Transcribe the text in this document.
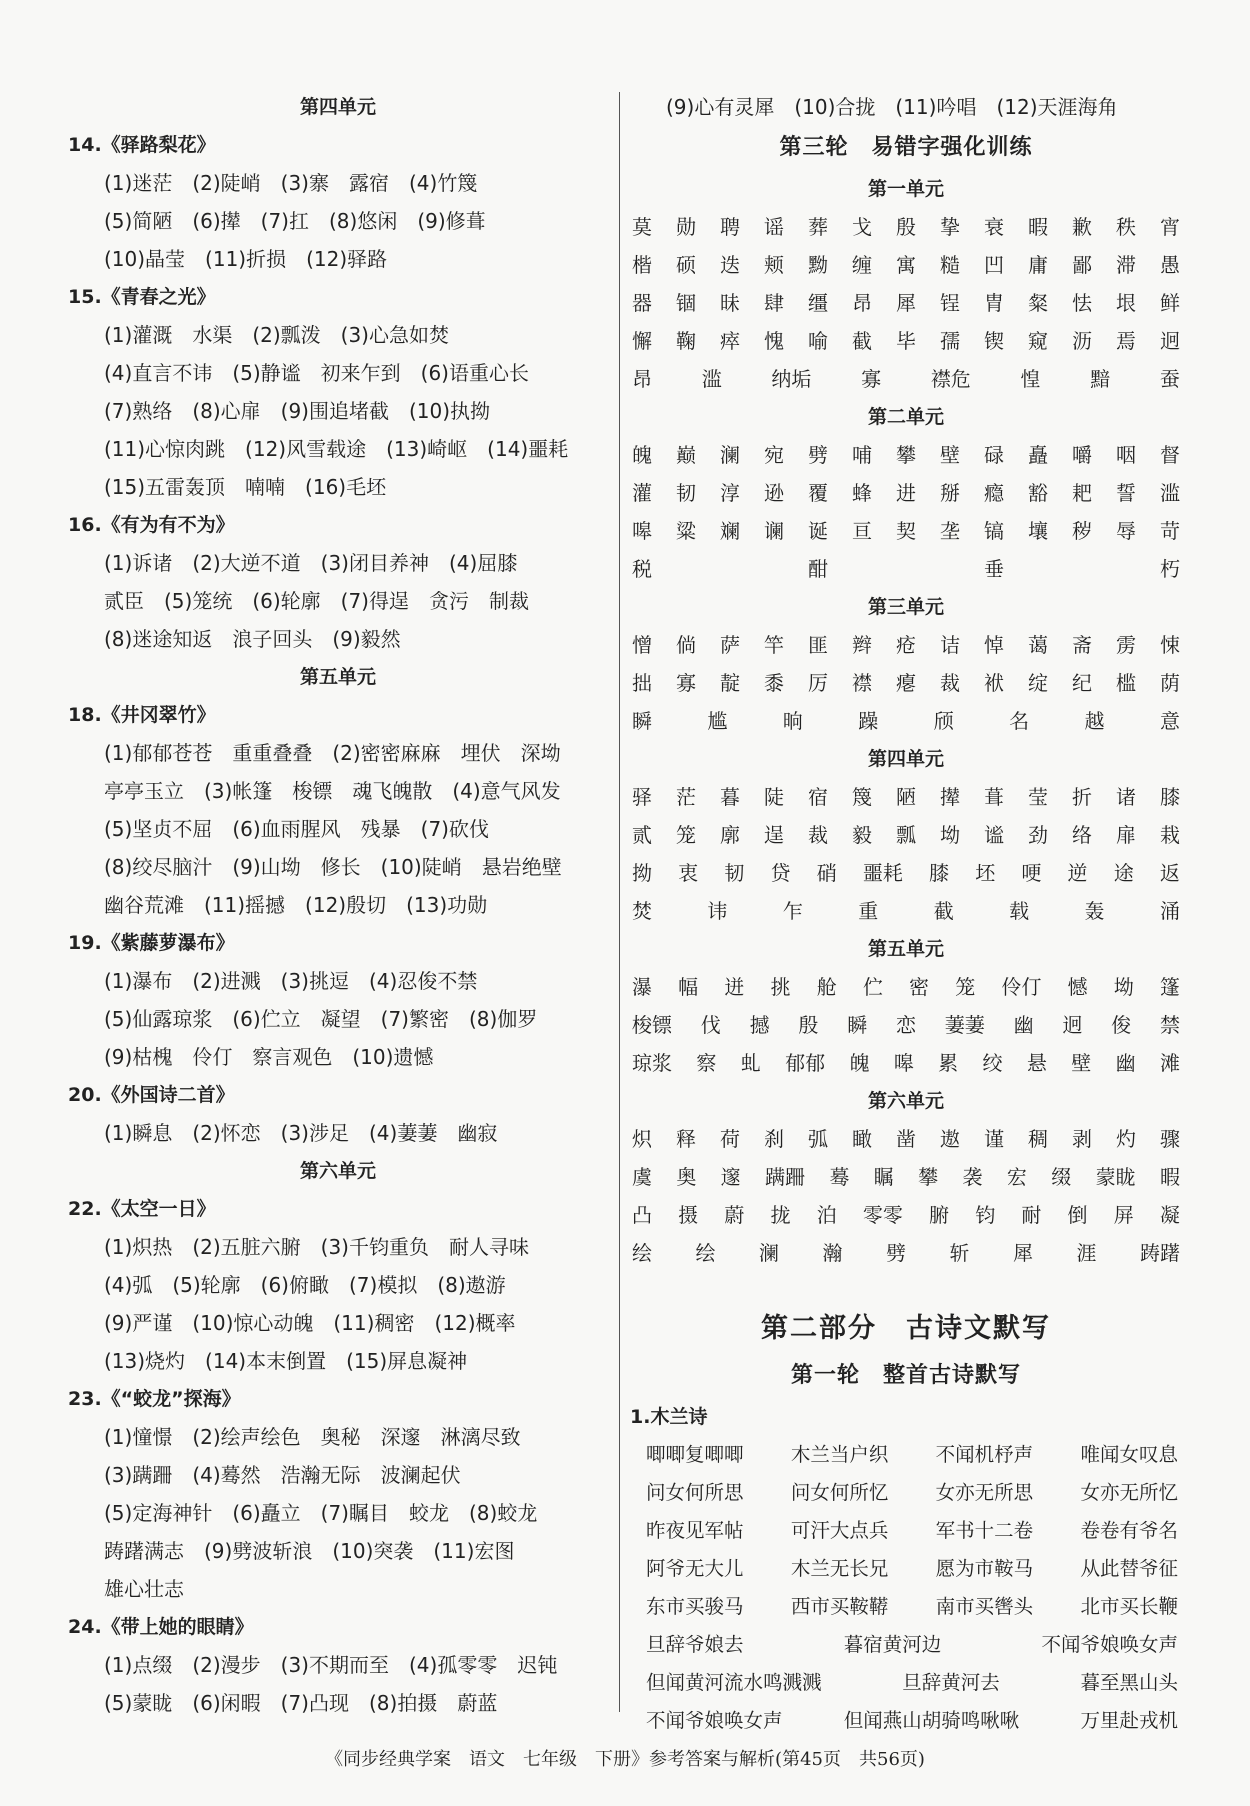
第四单元
14.《驿路梨花》
(1)迷茫　(2)陡峭　(3)寨　露宿　(4)竹篾
(5)简陋　(6)撵　(7)扛　(8)悠闲　(9)修葺
(10)晶莹　(11)折损　(12)驿路
15.《青春之光》
(1)灌溉　水渠　(2)瓢泼　(3)心急如焚
(4)直言不讳　(5)静谧　初来乍到　(6)语重心长
(7)熟络　(8)心扉　(9)围追堵截　(10)执拗
(11)心惊肉跳　(12)风雪载途　(13)崎岖　(14)噩耗
(15)五雷轰顶　喃喃　(16)毛坯
16.《有为有不为》
(1)诉诸　(2)大逆不道　(3)闭目养神　(4)屈膝
贰臣　(5)笼统　(6)轮廓　(7)得逞　贪污　制裁
(8)迷途知返　浪子回头　(9)毅然
第五单元
18.《井冈翠竹》
(1)郁郁苍苍　重重叠叠　(2)密密麻麻　埋伏　深坳
亭亭玉立　(3)帐篷　梭镖　魂飞魄散　(4)意气风发
(5)坚贞不屈　(6)血雨腥风　残暴　(7)砍伐
(8)绞尽脑汁　(9)山坳　修长　(10)陡峭　悬岩绝壁
幽谷荒滩　(11)摇撼　(12)殷切　(13)功勋
19.《紫藤萝瀑布》
(1)瀑布　(2)进溅　(3)挑逗　(4)忍俊不禁
(5)仙露琼浆　(6)伫立　凝望　(7)繁密　(8)伽罗
(9)枯槐　伶仃　察言观色　(10)遗憾
20.《外国诗二首》
(1)瞬息　(2)怀恋　(3)涉足　(4)萋萋　幽寂
第六单元
22.《太空一日》
(1)炽热　(2)五脏六腑　(3)千钧重负　耐人寻味
(4)弧　(5)轮廓　(6)俯瞰　(7)模拟　(8)遨游
(9)严谨　(10)惊心动魄　(11)稠密　(12)概率
(13)烧灼　(14)本末倒置　(15)屏息凝神
23.《“蛟龙”探海》
(1)憧憬　(2)绘声绘色　奥秘　深邃　淋漓尽致
(3)蹒跚　(4)蓦然　浩瀚无际　波澜起伏
(5)定海神针　(6)矗立　(7)瞩目　蛟龙　(8)蛟龙
踌躇满志　(9)劈波斩浪　(10)突袭　(11)宏图
雄心壮志
24.《带上她的眼睛》
(1)点缀　(2)漫步　(3)不期而至　(4)孤零零　迟钝
(5)蒙眬　(6)闲暇　(7)凸现　(8)拍摄　蔚蓝
(9)心有灵犀　(10)合拢　(11)吟唱　(12)天涯海角
第三轮　易错字强化训练
第一单元
莫 勋 聘 谣 葬 戈 殷 挚 衰 暇 歉 秩 宵
楷 硕 迭 颊 黝 缠 寓 糙 凹 庸 鄙 滞 愚
器 锢 昧 肆 缰 昂 犀 锃 胄 粲 怯 垠 鲜
懈 鞠 瘁 愧 喻 截 毕 孺 锲 窥 沥 焉 迥
昂 滥 纳垢 寡 襟危 惶 黯 蚕
第二单元
魄 巅 澜 宛 劈 哺 攀 壁 碌 矗 嚼 咽 督
灌 韧 淳 逊 覆 蜂 进 掰 瘾 豁 耙 誓 滥
嗥 粱 斓 谰 诞 亘 契 垄 镐 壤 秽 辱 苛
税	酣	垂	朽
第三单元
憎 倘 萨 竿 匪 辫 疮 诘 悼 蔼 斋 雳 悚
拙 寡 靛 黍 厉 襟 瘪 裁 袱 绽 纪 槛 荫
瞬	尴	晌	躁	颀	名	越	意
第四单元
驿 茫 暮 陡 宿 篾 陋 撵 葺 莹 折 诸 膝
贰 笼 廓 逞 裁 毅 瓢 坳 谧 劲 络 扉 栽
拗 衷 韧 贷 硝 噩耗 膝 坯 哽 逆 途 返
焚	讳	乍	重	截	载	轰	涌
第五单元
瀑 幅 迸 挑 舱 伫 密 笼 伶仃 憾 坳 篷
梭镖 伐 撼 殷 瞬 恋 萋萋 幽 迥 俊 禁
琼浆 察 虬 郁郁 魄 嗥 累 绞 悬 壁 幽 滩
第六单元
炽 释 荷 刹 弧 瞰 凿 遨 谨 稠 剥 灼 骤
虞 奥 邃 蹒跚 蓦 瞩 攀 袭 宏 缀 蒙眬 暇
凸 摄 蔚 拢 泊 零零 腑 钧 耐 倒 屏 凝
绘 绘 澜 瀚 劈 斩 犀 涯 踌躇
第二部分　古诗文默写
第一轮　整首古诗默写
1.木兰诗
唧唧复唧唧 木兰当户织 不闻机杼声 唯闻女叹息
问女何所思 问女何所忆 女亦无所思 女亦无所忆
昨夜见军帖 可汗大点兵 军书十二卷 卷卷有爷名
阿爷无大儿 木兰无长兄 愿为市鞍马 从此替爷征
东市买骏马 西市买鞍鞯 南市买辔头 北市买长鞭
旦辞爷娘去	暮宿黄河边	不闻爷娘唤女声
但闻黄河流水鸣溅溅	旦辞黄河去	暮至黑山头
不闻爷娘唤女声	但闻燕山胡骑鸣啾啾	万里赴戎机
《同步经典学案　语文　七年级　下册》参考答案与解析(第45页　共56页)
